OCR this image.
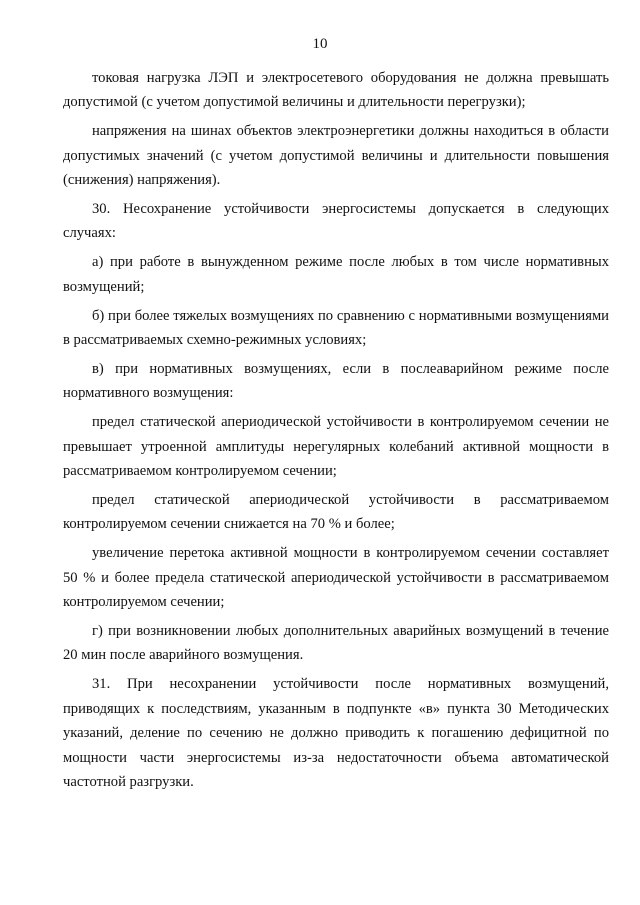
10

токовая нагрузка ЛЭП и электросетевого оборудования не должна превышать допустимой (с учетом допустимой величины и длительности перегрузки);

напряжения на шинах объектов электроэнергетики должны находиться в области допустимых значений (с учетом допустимой величины и длительности повышения (снижения) напряжения).

30. Несохранение устойчивости энергосистемы допускается в следующих случаях:

а) при работе в вынужденном режиме после любых в том числе нормативных возмущений;

б) при более тяжелых возмущениях по сравнению с нормативными возмущениями в рассматриваемых схемно-режимных условиях;

в) при нормативных возмущениях, если в послеаварийном режиме после нормативного возмущения:

предел статической апериодической устойчивости в контролируемом сечении не превышает утроенной амплитуды нерегулярных колебаний активной мощности в рассматриваемом контролируемом сечении;

предел статической апериодической устойчивости в рассматриваемом контролируемом сечении снижается на 70 % и более;

увеличение перетока активной мощности в контролируемом сечении составляет 50 % и более предела статической апериодической устойчивости в рассматриваемом контролируемом сечении;

г) при возникновении любых дополнительных аварийных возмущений в течение 20 мин после аварийного возмущения.

31. При несохранении устойчивости после нормативных возмущений, приводящих к последствиям, указанным в подпункте «в» пункта 30 Методических указаний, деление по сечению не должно приводить к погашению дефицитной по мощности части энергосистемы из-за недостаточности объема автоматической частотной разгрузки.
